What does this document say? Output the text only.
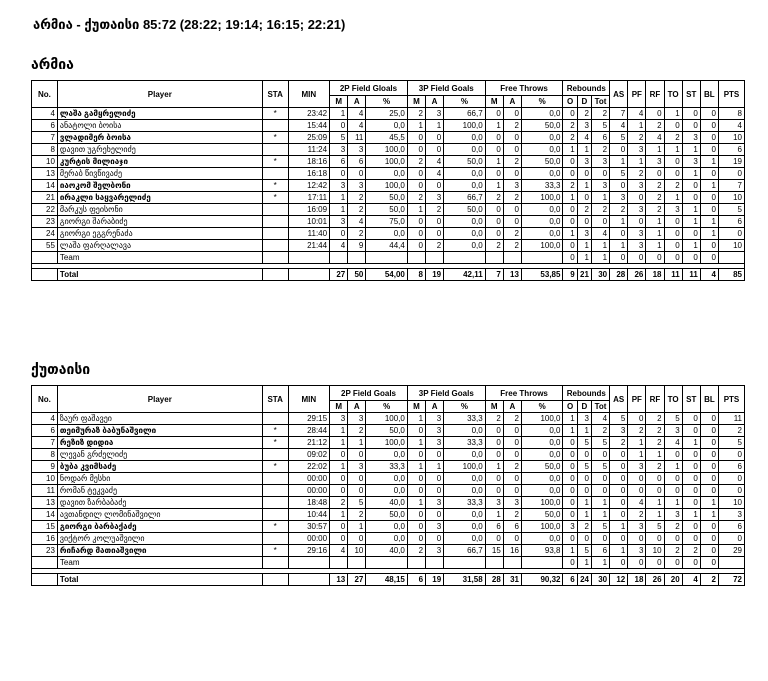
არმია - ქუთაისი 85:72 (28:22; 19:14; 16:15; 22:21)
არმია
No.	Player	STA	MIN	2P Field Gloals			3P Field Goals			Free Throws			Rebounds			AS	PF	RF	TO	ST	BL	PTS
				M	A	%	M	A	%	M	A	%	O	D	Tot							
4	ლაშა გამყრელიძე	*	23:42	1	4	25,0	2	3	66,7	0	0	0,0	0	2	2	7	4	0	1	0	0	8
6	ანატოლი ბოისა		15:44	0	4	0,0	1	1	100,0	1	2	50,0	2	3	5	4	1	2	0	0	0	4
7	ვლადიმერ ბოისა	*	25:09	5	11	45,5	0	0	0,0	0	0	0,0	2	4	6	5	2	4	2	3	0	10
8	დავით უგრეხელიძე		11:24	3	3	100,0	0	0	0,0	0	0	0,0	1	1	2	0	3	1	1	1	0	6
10	კურტის მილიაჯი	*	18:16	6	6	100,0	2	4	50,0	1	2	50,0	0	3	3	1	1	3	0	3	1	19
13	მერაბ წივწივაძე		16:18	0	0	0,0	0	4	0,0	0	0	0,0	0	0	0	5	2	0	0	1	0	0
14	იაოკომ შელბონი	*	12:42	3	3	100,0	0	0	0,0	1	3	33,3	2	1	3	0	3	2	2	0	1	7
21	ირაკლი საყვარელიძე	*	17:11	1	2	50,0	2	3	66,7	2	2	100,0	1	0	1	3	0	2	1	0	0	10
22	მარკუს ფეისონი		16:09	1	2	50,0	1	2	50,0	0	0	0,0	0	2	2	2	3	2	3	1	0	5
23	გიორგი შარაბიძე		10:01	3	4	75,0	0	0	0,0	0	0	0,0	0	0	0	1	0	1	0	1	1	6
24	გიორგი ეგგრენაძა		11:40	0	2	0,0	0	0	0,0	0	2	0,0	1	3	4	0	3	1	0	0	1	0
55	ლაშა ფარღალავა		21:44	4	9	44,4	0	2	0,0	2	2	100,0	0	1	1	1	3	1	0	1	0	10
	Team												0	1	1	0	0	0	0	0	0	

	Total			27	50	54,00	8	19	42,11	7	13	53,85	9	21	30	28	26	18	11	11	4	85
ქუთაისი
No.	Player	STA	MIN	2P Field Goals			3P Field Goals			Free Throws			Rebounds			AS	PF	RF	TO	ST	BL	PTS
				M	A	%	M	A	%	M	A	%	O	D	Tot							
4	ზაურ ფაშავეი		29:15	3	3	100,0	1	3	33,3	2	2	100,0	1	3	4	5	0	2	5	0	0	11
6	თეიმურაზ ბაბუნაშვილი	*	28:44	1	2	50,0	0	3	0,0	0	0	0,0	1	1	2	3	2	2	3	0	0	2
7	რეზიზ დიდია	*	21:12	1	1	100,0	1	3	33,3	0	0	0,0	0	5	5	2	1	2	4	1	0	5
8	ლევან გრძელიძე		09:02	0	0	0,0	0	0	0,0	0	0	0,0	0	0	0	0	1	1	0	0	0	0
9	ბუბა კვიმსაძე	*	22:02	1	3	33,3	1	1	100,0	1	2	50,0	0	5	5	0	3	2	1	0	0	6
10	ნოდარ მესხი		00:00	0	0	0,0	0	0	0,0	0	0	0,0	0	0	0	0	0	0	0	0	0	0
11	რომან ტეკვაძე		00:00	0	0	0,0	0	0	0,0	0	0	0,0	0	0	0	0	0	0	0	0	0	0
13	დავით ზარბაბაძე		18:48	2	5	40,0	1	3	33,3	3	3	100,0	0	1	1	0	4	1	1	0	1	10
14	ავთანდილ ლომინაშვილი		10:44	1	2	50,0	0	0	0,0	1	2	50,0	0	1	1	0	2	1	3	1	1	3
15	გიორგი ბარბაქაძე	*	30:57	0	1	0,0	0	3	0,0	6	6	100,0	3	2	5	1	3	5	2	0	0	6
16	ვიქტორ კოლუაშვილი		00:00	0	0	0,0	0	0	0,0	0	0	0,0	0	0	0	0	0	0	0	0	0	0
23	რიჩარდ მათიაშვილი	*	29:16	4	10	40,0	2	3	66,7	15	16	93,8	1	5	6	1	3	10	2	2	0	29
	Team												0	1	1	0	0	0	0	0	0	

	Total			13	27	48,15	6	19	31,58	28	31	90,32	6	24	30	12	18	26	20	4	2	72
